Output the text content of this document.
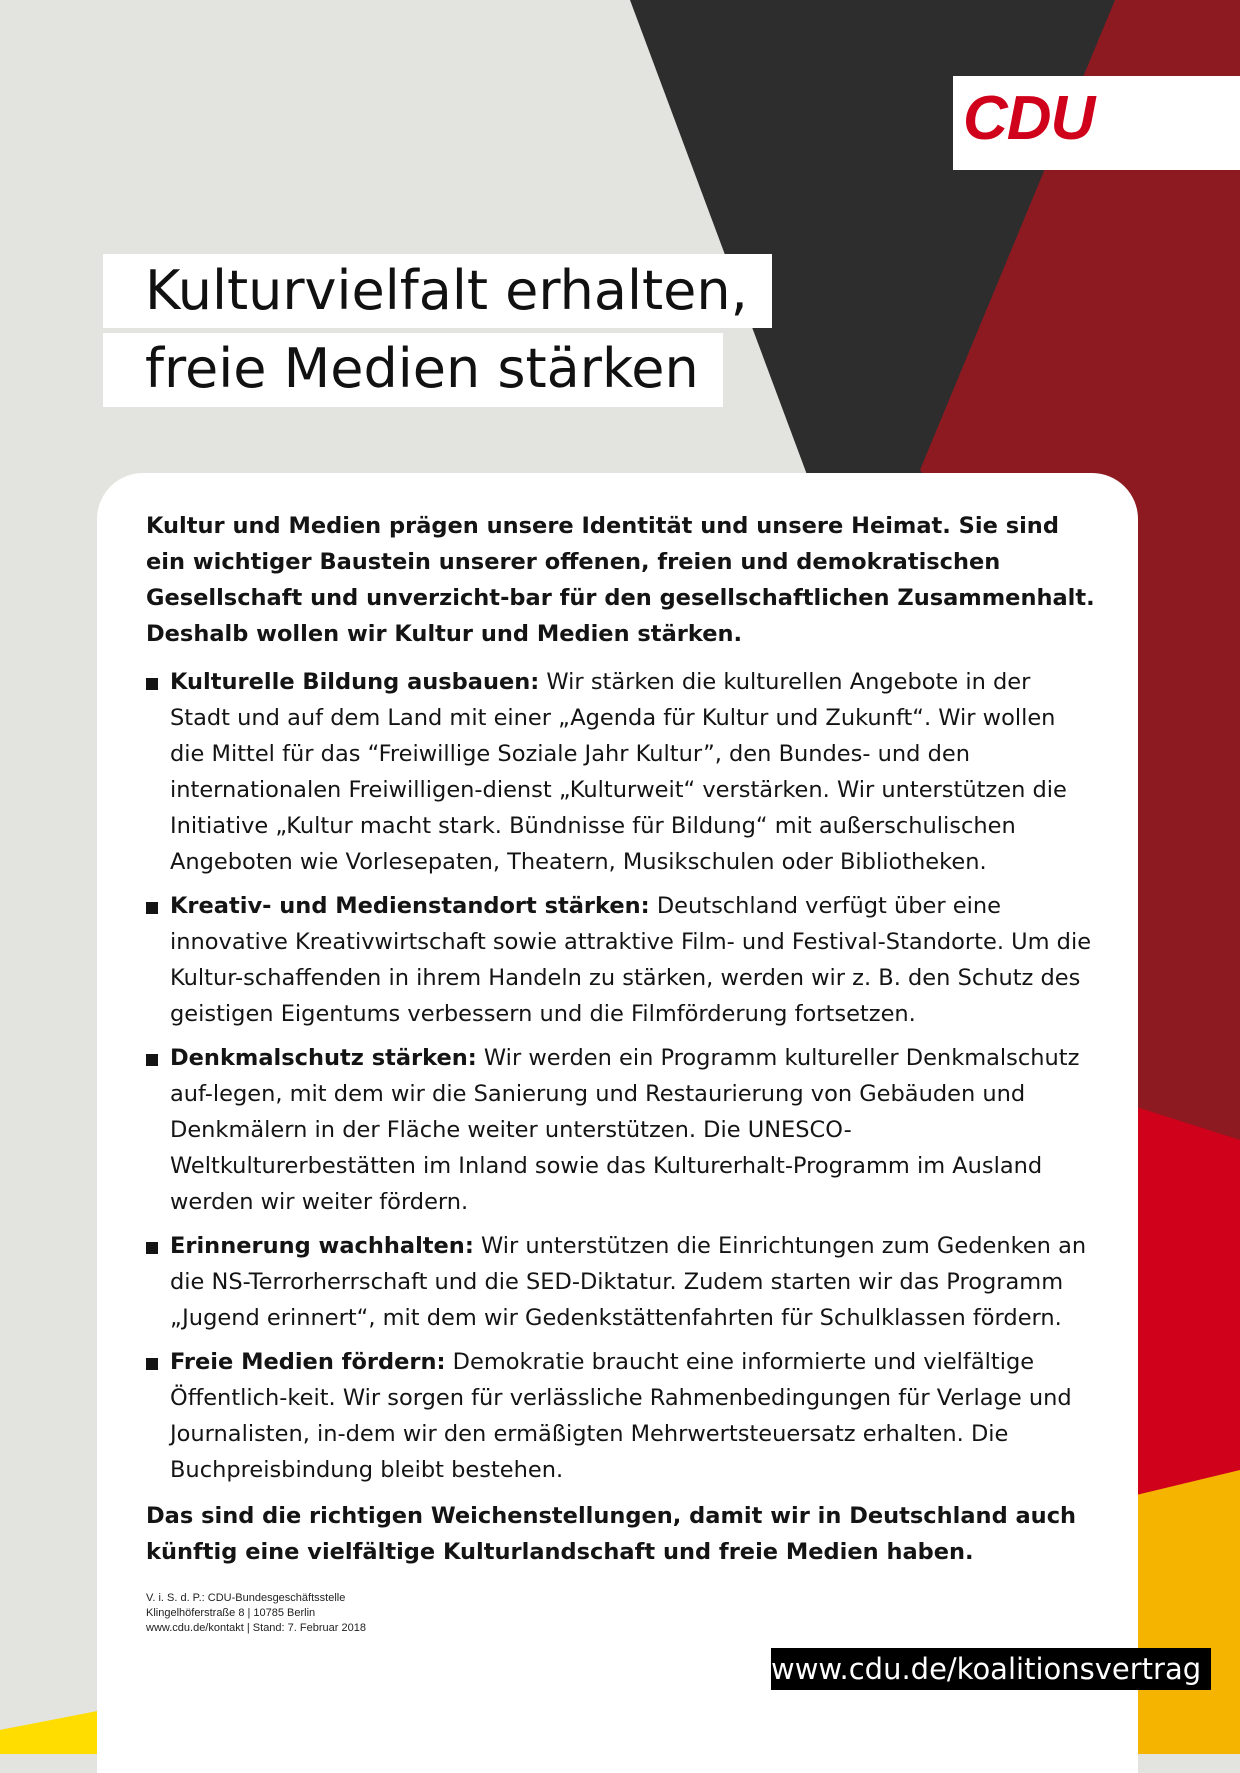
CDU
Kulturvielfalt erhalten,
freie Medien stärken

Kultur und Medien prägen unsere Identität und unsere Heimat. Sie sind ein wichtiger Baustein unserer offenen, freien und demokratischen Gesellschaft und unverzicht-bar für den gesellschaftlichen Zusammenhalt. Deshalb wollen wir Kultur und Medien stärken.

Kulturelle Bildung ausbauen: Wir stärken die kulturellen Angebote in der Stadt und auf dem Land mit einer „Agenda für Kultur und Zukunft“. Wir wollen die Mittel für das “Freiwillige Soziale Jahr Kultur”, den Bundes- und den internationalen Freiwilligen-dienst „Kulturweit“ verstärken. Wir unterstützen die Initiative „Kultur macht stark. Bündnisse für Bildung“ mit außerschulischen Angeboten wie Vorlesepaten, Theatern, Musikschulen oder Bibliotheken.
Kreativ- und Medienstandort stärken: Deutschland verfügt über eine innovative Kreativwirtschaft sowie attraktive Film- und Festival-Standorte. Um die Kultur-schaffenden in ihrem Handeln zu stärken, werden wir z. B. den Schutz des geistigen Eigentums verbessern und die Filmförderung fortsetzen.
Denkmalschutz stärken: Wir werden ein Programm kultureller Denkmalschutz auf-legen, mit dem wir die Sanierung und Restaurierung von Gebäuden und Denkmälern in der Fläche weiter unterstützen. Die UNESCO-Weltkulturerbestätten im Inland sowie das Kulturerhalt-Programm im Ausland werden wir weiter fördern.
Erinnerung wachhalten: Wir unterstützen die Einrichtungen zum Gedenken an die NS-Terrorherrschaft und die SED-Diktatur. Zudem starten wir das Programm „Jugend erinnert“, mit dem wir Gedenkstättenfahrten für Schulklassen fördern.
Freie Medien fördern: Demokratie braucht eine informierte und vielfältige Öffentlich-keit. Wir sorgen für verlässliche Rahmenbedingungen für Verlage und Journalisten, in-dem wir den ermäßigten Mehrwertsteuersatz erhalten. Die Buchpreisbindung bleibt bestehen.

Das sind die richtigen Weichenstellungen, damit wir in Deutschland auch künftig eine vielfältige Kulturlandschaft und freie Medien haben.

V. i. S. d. P.: CDU-Bundesgeschäftsstelle
Klingelhöferstraße 8 | 10785 Berlin
www.cdu.de/kontakt | Stand: 7. Februar 2018
www.cdu.de/koalitionsvertrag
